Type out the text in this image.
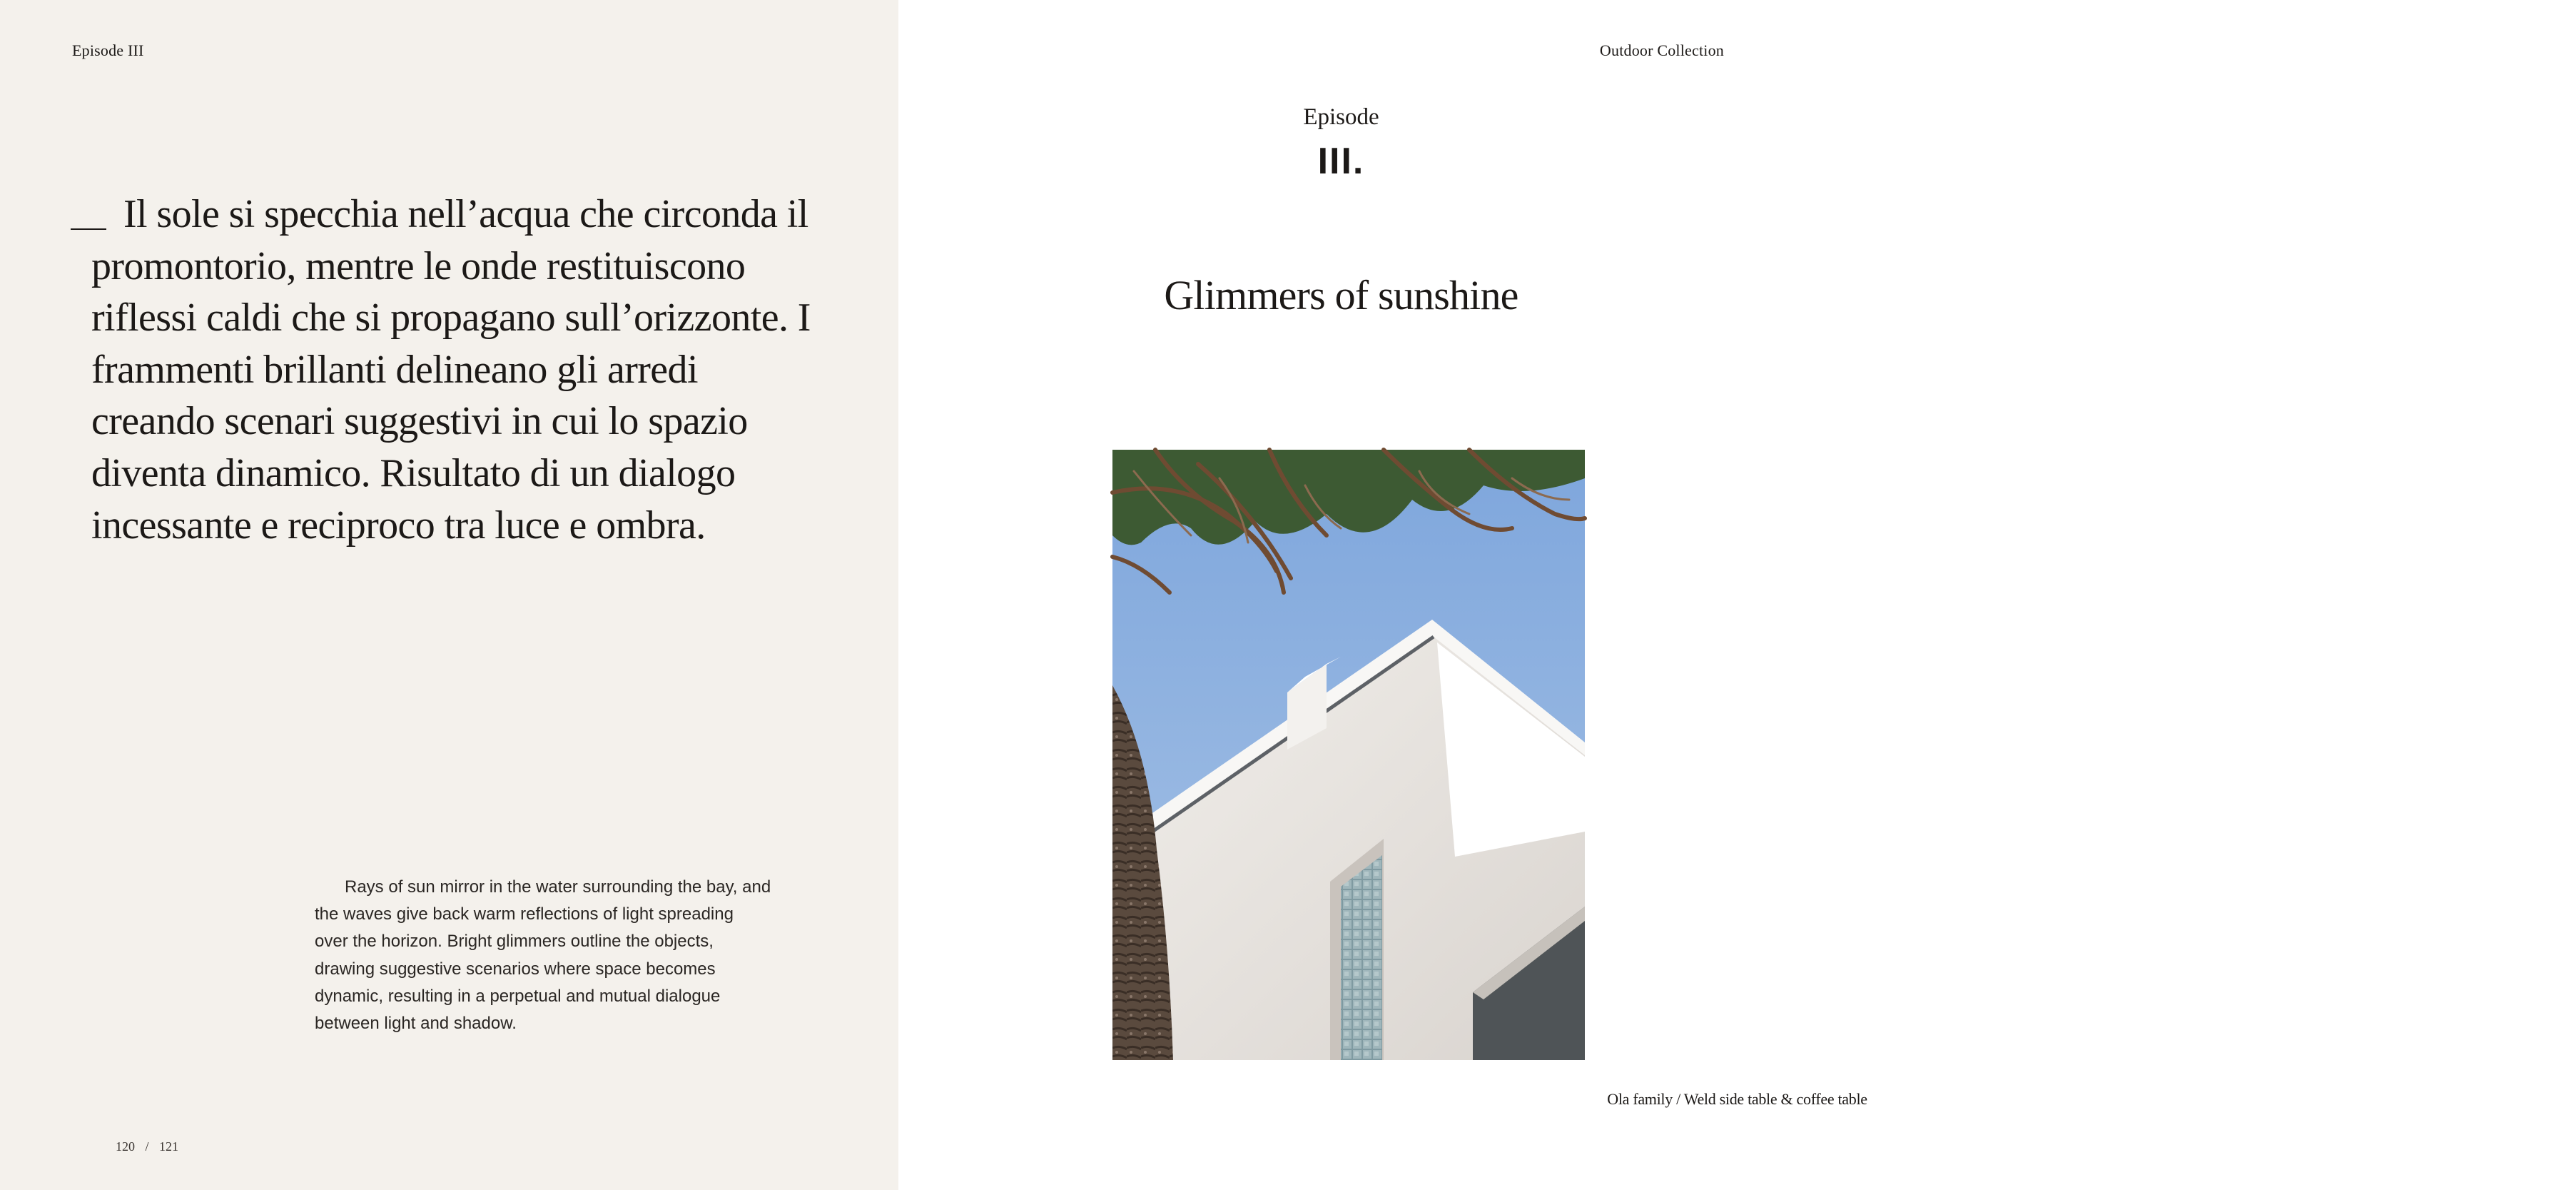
Episode III
Il sole si specchia nell’acqua che circonda il promontorio, mentre le onde restituiscono riflessi caldi che si propagano sull’orizzonte. I frammenti brillanti delineano gli arredi creando scenari suggestivi in cui lo spazio diventa dinamico. Risultato di un dialogo incessante e reciproco tra luce e ombra.
Rays of sun mirror in the water surrounding the bay, and the waves give back warm reflections of light spreading over the horizon. Bright glimmers outline the objects, drawing suggestive scenarios where space becomes dynamic, resulting in a perpetual and mutual dialogue between light and shadow.
120 / 121
Outdoor Collection
Episode
III.
Glimmers of sunshine
Ola family / Weld side table & coffee table
